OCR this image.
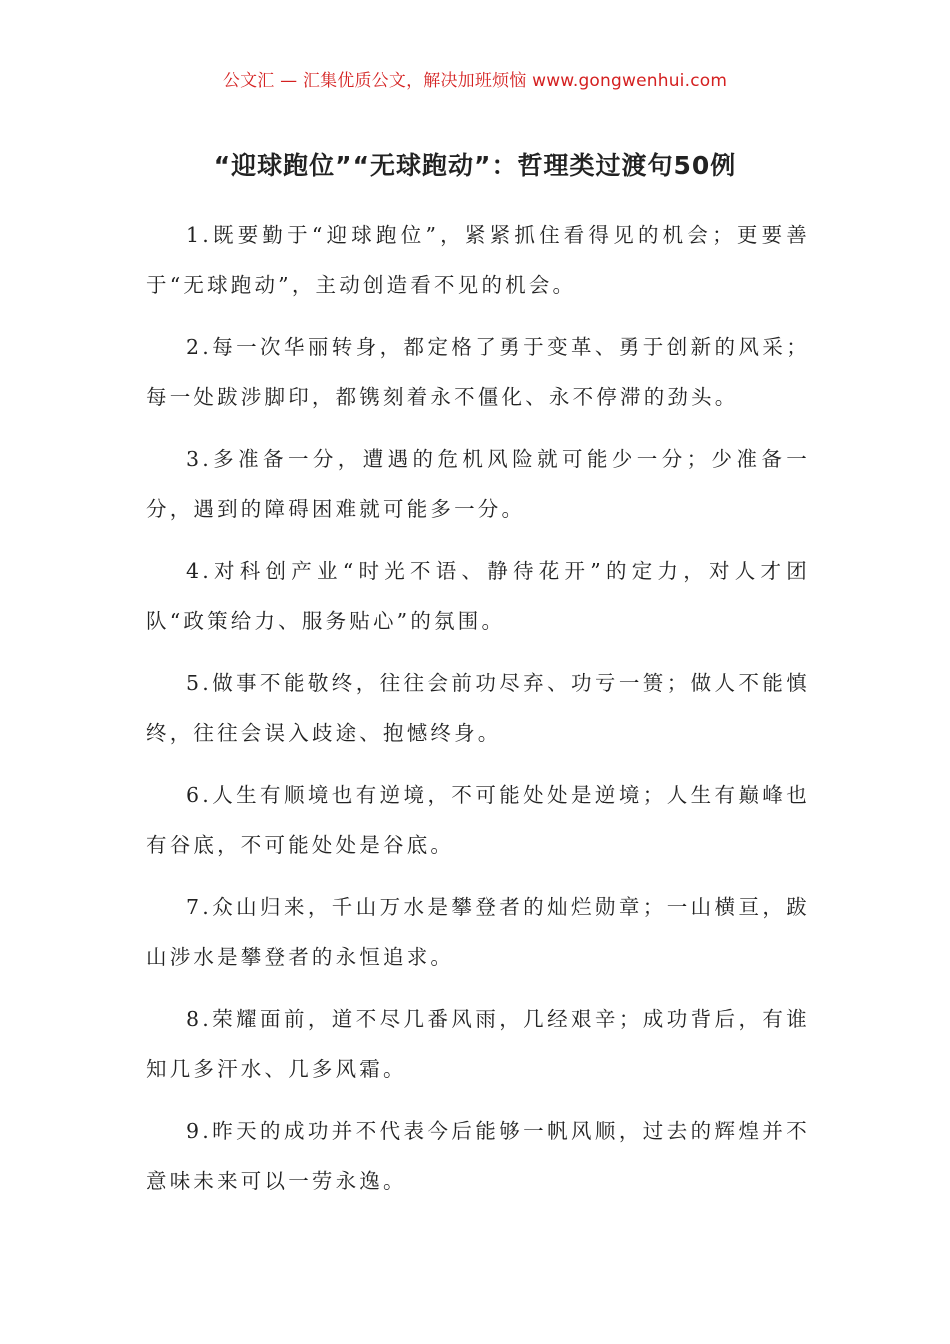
公文汇 — 汇集优质公文，解决加班烦恼 www.gongwenhui.com
“迎球跑位”“无球跑动”：哲理类过渡句50例

1.既要勤于“迎球跑位”，紧紧抓住看得见的机会；更要善于“无球跑动”，主动创造看不见的机会。

2.每一次华丽转身，都定格了勇于变革、勇于创新的风采；每一处跋涉脚印，都镌刻着永不僵化、永不停滞的劲头。

3.多准备一分，遭遇的危机风险就可能少一分；少准备一分，遇到的障碍困难就可能多一分。

4.对科创产业“时光不语、静待花开”的定力，对人才团队“政策给力、服务贴心”的氛围。

5.做事不能敬终，往往会前功尽弃、功亏一篑；做人不能慎终，往往会误入歧途、抱憾终身。

6.人生有顺境也有逆境，不可能处处是逆境；人生有巅峰也有谷底，不可能处处是谷底。

7.众山归来，千山万水是攀登者的灿烂勋章；一山横亘，跋山涉水是攀登者的永恒追求。

8.荣耀面前，道不尽几番风雨，几经艰辛；成功背后，有谁知几多汗水、几多风霜。

9.昨天的成功并不代表今后能够一帆风顺，过去的辉煌并不意味未来可以一劳永逸。
